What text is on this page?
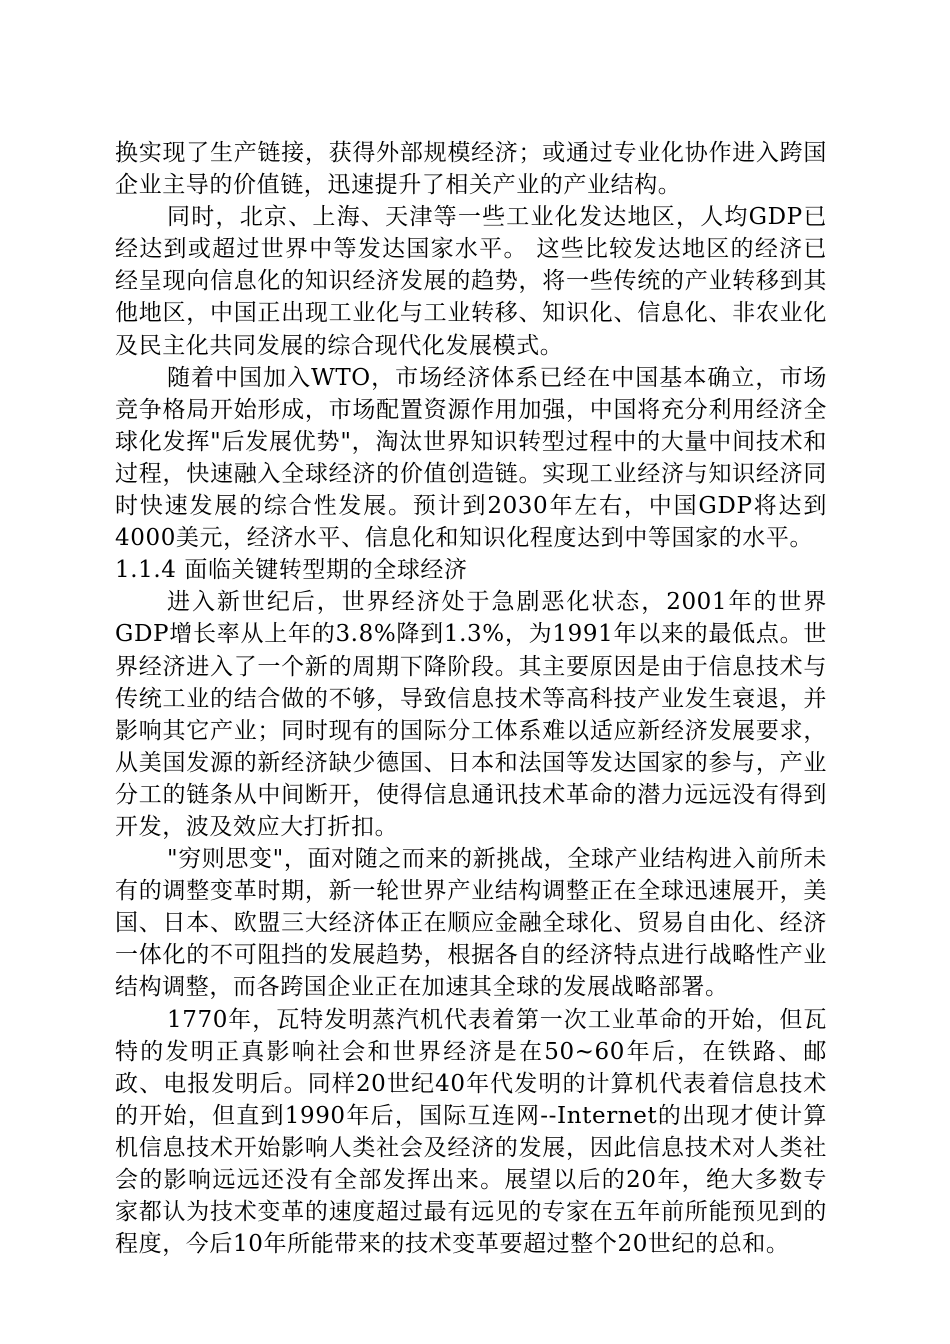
换实现了生产链接，获得外部规模经济；或通过专业化协作进入跨国企业主导的价值链，迅速提升了相关产业的产业结构。

同时，北京、上海、天津等一些工业化发达地区，人均GDP已经达到或超过世界中等发达国家水平。 这些比较发达地区的经济已经呈现向信息化的知识经济发展的趋势，将一些传统的产业转移到其他地区，中国正出现工业化与工业转移、知识化、信息化、非农业化及民主化共同发展的综合现代化发展模式。

随着中国加入WTO，市场经济体系已经在中国基本确立，市场竞争格局开始形成，市场配置资源作用加强，中国将充分利用经济全球化发挥"后发展优势"，淘汰世界知识转型过程中的大量中间技术和过程，快速融入全球经济的价值创造链。实现工业经济与知识经济同时快速发展的综合性发展。预计到2030年左右，中国GDP将达到4000美元，经济水平、信息化和知识化程度达到中等国家的水平。

1.1.4 面临关键转型期的全球经济

进入新世纪后，世界经济处于急剧恶化状态，2001年的世界GDP增长率从上年的3.8%降到1.3%，为1991年以来的最低点。世界经济进入了一个新的周期下降阶段。其主要原因是由于信息技术与传统工业的结合做的不够，导致信息技术等高科技产业发生衰退，并影响其它产业；同时现有的国际分工体系难以适应新经济发展要求，从美国发源的新经济缺少德国、日本和法国等发达国家的参与，产业分工的链条从中间断开，使得信息通讯技术革命的潜力远远没有得到开发，波及效应大打折扣。

"穷则思变"，面对随之而来的新挑战，全球产业结构进入前所未有的调整变革时期，新一轮世界产业结构调整正在全球迅速展开，美国、日本、欧盟三大经济体正在顺应金融全球化、贸易自由化、经济一体化的不可阻挡的发展趋势，根据各自的经济特点进行战略性产业结构调整，而各跨国企业正在加速其全球的发展战略部署。

1770年，瓦特发明蒸汽机代表着第一次工业革命的开始，但瓦特的发明正真影响社会和世界经济是在50~60年后，在铁路、邮政、电报发明后。同样20世纪40年代发明的计算机代表着信息技术的开始，但直到1990年后，国际互连网--Internet的出现才使计算机信息技术开始影响人类社会及经济的发展，因此信息技术对人类社会的影响远远还没有全部发挥出来。展望以后的20年，绝大多数专家都认为技术变革的速度超过最有远见的专家在五年前所能预见到的程度，今后10年所能带来的技术变革要超过整个20世纪的总和。
